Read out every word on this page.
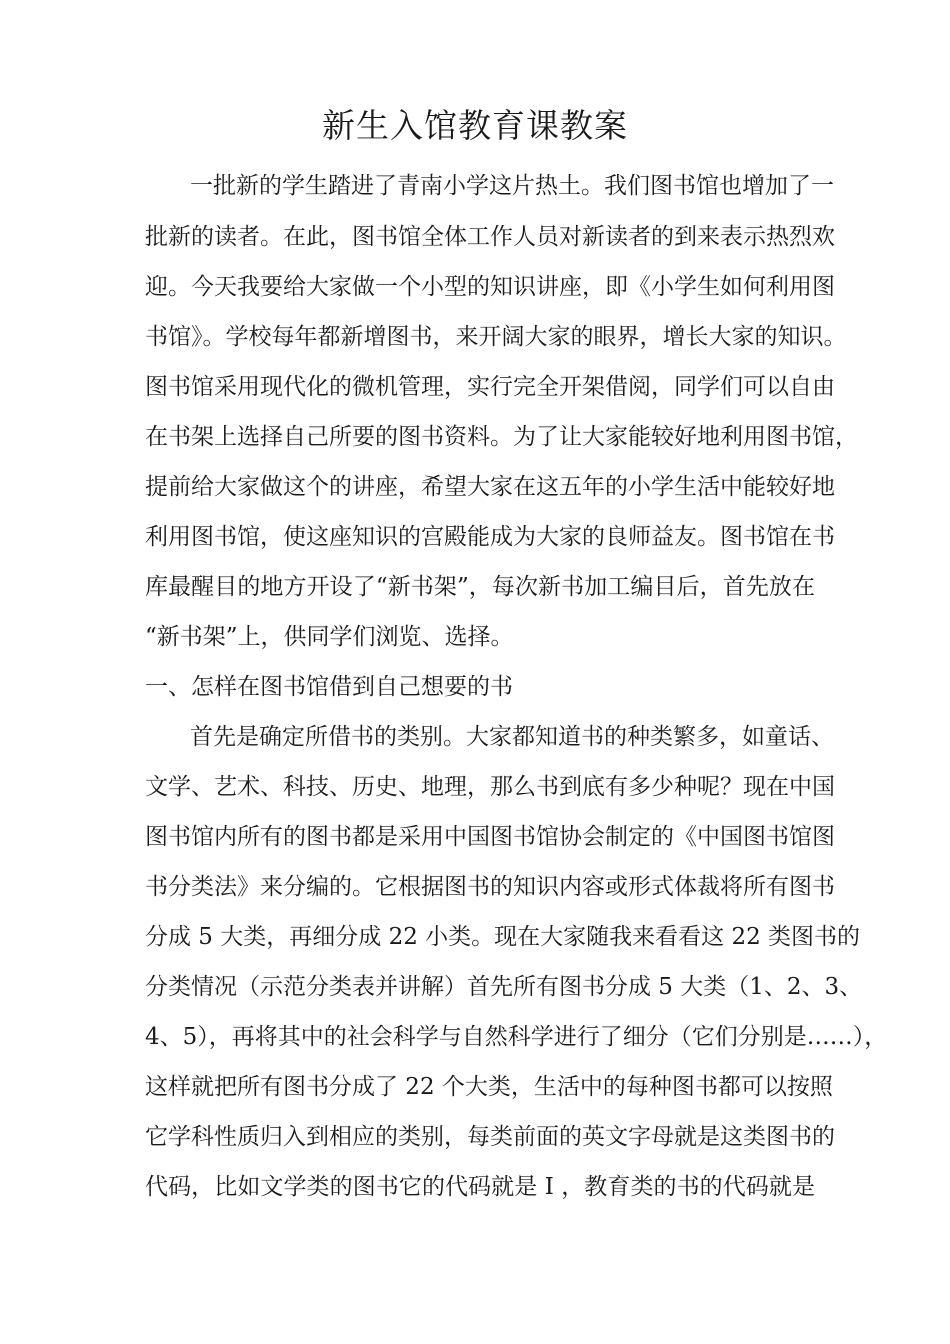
新生入馆教育课教案
一批新的学生踏进了青南小学这片热土。我们图书馆也增加了一
批新的读者。在此，图书馆全体工作人员对新读者的到来表示热烈欢
迎。今天我要给大家做一个小型的知识讲座，即《小学生如何利用图
书馆》。学校每年都新增图书，来开阔大家的眼界，增长大家的知识。
图书馆采用现代化的微机管理，实行完全开架借阅，同学们可以自由
在书架上选择自己所要的图书资料。为了让大家能较好地利用图书馆，
提前给大家做这个的讲座，希望大家在这五年的小学生活中能较好地
利用图书馆，使这座知识的宫殿能成为大家的良师益友。图书馆在书
库最醒目的地方开设了“新书架”，每次新书加工编目后，首先放在
“新书架”上，供同学们浏览、选择。
一、怎样在图书馆借到自己想要的书
首先是确定所借书的类别。大家都知道书的种类繁多，如童话、
文学、艺术、科技、历史、地理，那么书到底有多少种呢？现在中国
图书馆内所有的图书都是采用中国图书馆协会制定的《中国图书馆图
书分类法》来分编的。它根据图书的知识内容或形式体裁将所有图书
分成 5 大类，再细分成 22 小类。现在大家随我来看看这 22 类图书的
分类情况（示范分类表并讲解）首先所有图书分成 5 大类（1、2、3、
4、5），再将其中的社会科学与自然科学进行了细分（它们分别是……），
这样就把所有图书分成了 22 个大类，生活中的每种图书都可以按照
它学科性质归入到相应的类别，每类前面的英文字母就是这类图书的
代码，比如文学类的图书它的代码就是 I ，教育类的书的代码就是
